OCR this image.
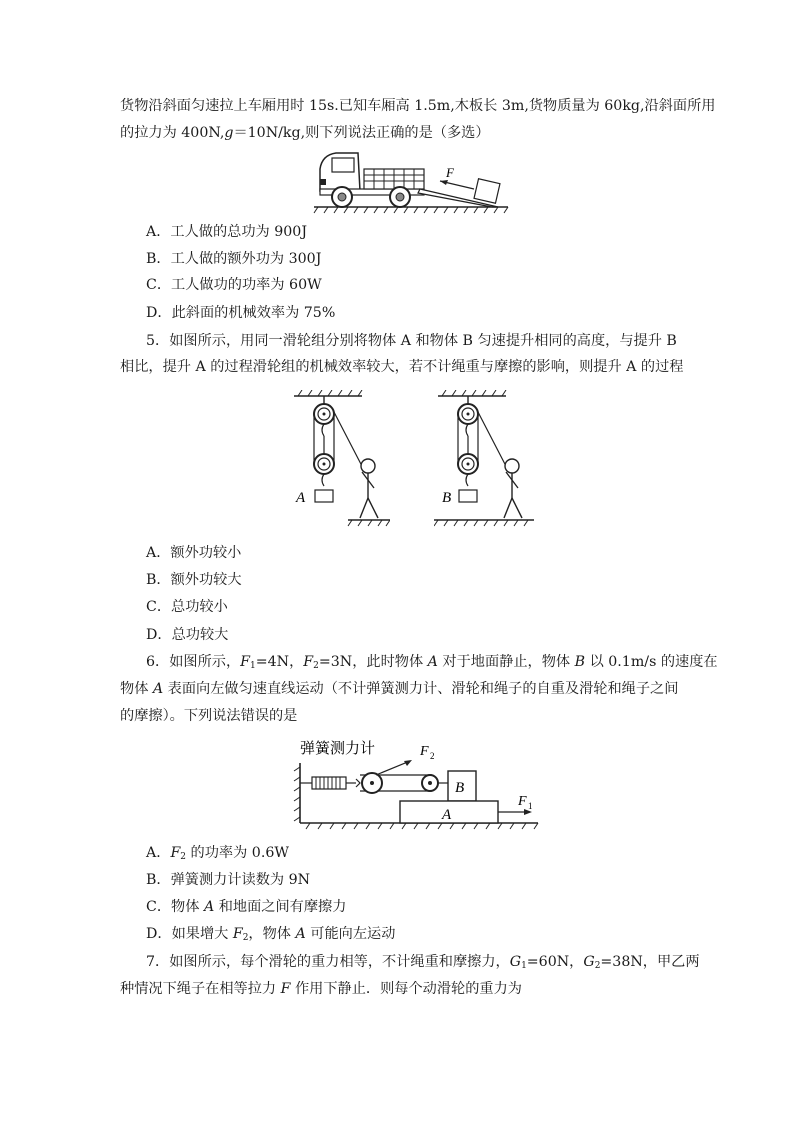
货物沿斜面匀速拉上车厢用时 15s.已知车厢高 1.5m,木板长 3m,货物质量为 60kg,沿斜面所用
的拉力为 400N,g＝10N/kg,则下列说法正确的是（多选）
F
A．工人做的总功为 900J
B．工人做的额外功为 300J
C．工人做功的功率为 60W
D．此斜面的机械效率为 75%
5．如图所示，用同一滑轮组分别将物体 A 和物体 B 匀速提升相同的高度，与提升 B
相比，提升 A 的过程滑轮组的机械效率较大，若不计绳重与摩擦的影响，则提升 A 的过程
A	B
A．额外功较小
B．额外功较大
C．总功较小
D．总功较大
6．如图所示，$F_1=4N$，$F_2=3N$，此时物体 A 对于地面静止，物体 B 以 0.1m/s 的速度在
物体 A 表面向左做匀速直线运动（不计弹簧测力计、滑轮和绳子的自重及滑轮和绳子之间
的摩擦）。下列说法错误的是
弹簧测力计	F 2
B
A
F 1
A．$F_2$ 的功率为 0.6W
B．弹簧测力计读数为 9N
C．物体 A 和地面之间有摩擦力
D．如果增大 $F_2$，物体 A 可能向左运动
7．如图所示，每个滑轮的重力相等，不计绳重和摩擦力，$G_1=60N$，$G_2=38N$，甲乙两
种情况下绳子在相等拉力 F 作用下静止．则每个动滑轮的重力为
